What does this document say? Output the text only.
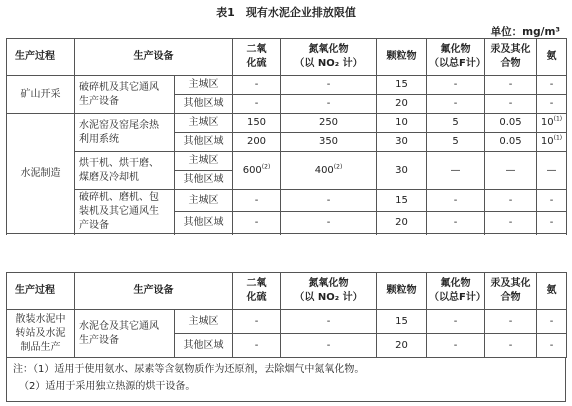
表1　现有水泥企业排放限值
单位：mg/m³
生产过程	生产设备		二氧
化硫	氮氧化物
（以 NO₂ 计）	颗粒物	氟化物
（以总F计）	汞及其化
合物	氨
矿山开采	破碎机及其它通风
生产设备	主城区	-	-	15	-	-	-
		其他区域	-	-	20	-	-	-
水泥制造	水泥窑及窑尾余热
利用系统	主城区	150	250	10	5	0.05	10$^{(1)}$
		其他区域	200	350	30	5	0.05	10$^{(1)}$
	烘干机、烘干磨、
煤磨及冷却机	主城区	600$^{(2)}$	400$^{(2)}$	30	—	—	—
		其他区域						
	破碎机、磨机、包
装机及其它通风生
产设备	主城区	-	-	15	-	-	-

		其他区域	-	-	20	-	-	-

生产过程	生产设备		二氧
化硫	氮氧化物
（以 NO₂ 计）	颗粒物	氟化物
（以总F计）	汞及其化
合物	氨
散装水泥中
转站及水泥
制品生产	水泥仓及其它通风
生产设备	主城区	-	-	15	-	-	-
		其他区域	-	-	20	-	-	-
注：（1）适用于使用氨水、尿素等含氨物质作为还原剂，去除烟气中氮氧化物。
（2）适用于采用独立热源的烘干设备。
